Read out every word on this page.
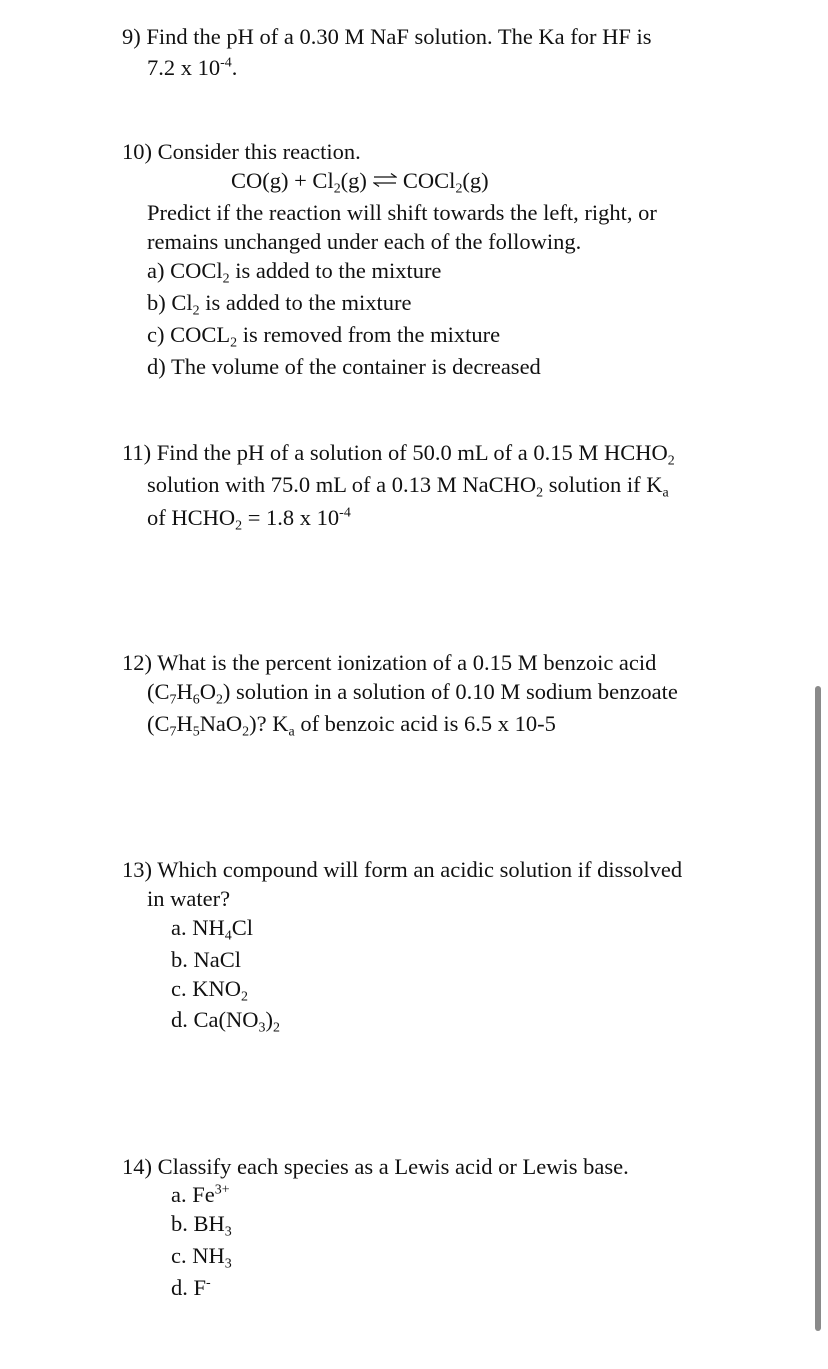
9) Find the pH of a 0.30 M NaF solution. The Ka for HF is
7.2 x $10^{-4}$.
10) Consider this reaction.
$CO(g) + Cl_2(g)$ ⇌ COCl$_2$(g)
Predict if the reaction will shift towards the left, right, or
remains unchanged under each of the following.
a) COCl$_2$ is added to the mixture
b) $Cl_2$ is added to the mixture
c) $COCL_2$ is removed from the mixture
d) The volume of the container is decreased
11) Find the pH of a solution of 50.0 mL of a 0.15 M $HCHO_2$
solution with 75.0 mL of a 0.13 M NaCHO$_2$ solution if $K_a$
of $HCHO_2 = 1.8$ x $10^{-4}$
12) What is the percent ionization of a 0.15 M benzoic acid
$(C_7H_6O_2)$ solution in a solution of 0.10 M sodium benzoate
$(C_7H_5NaO_2)$? $K_a$ of benzoic acid is 6.5 x 10-5
13) Which compound will form an acidic solution if dissolved
in water?
a. $NH_4Cl$
b. NaCl
c. $KNO_2$
d. $Ca(NO_3)_2$
14) Classify each species as a Lewis acid or Lewis base.
a. $Fe^{3+}$
b. $BH_3$
c. $NH_3$
d. F-
